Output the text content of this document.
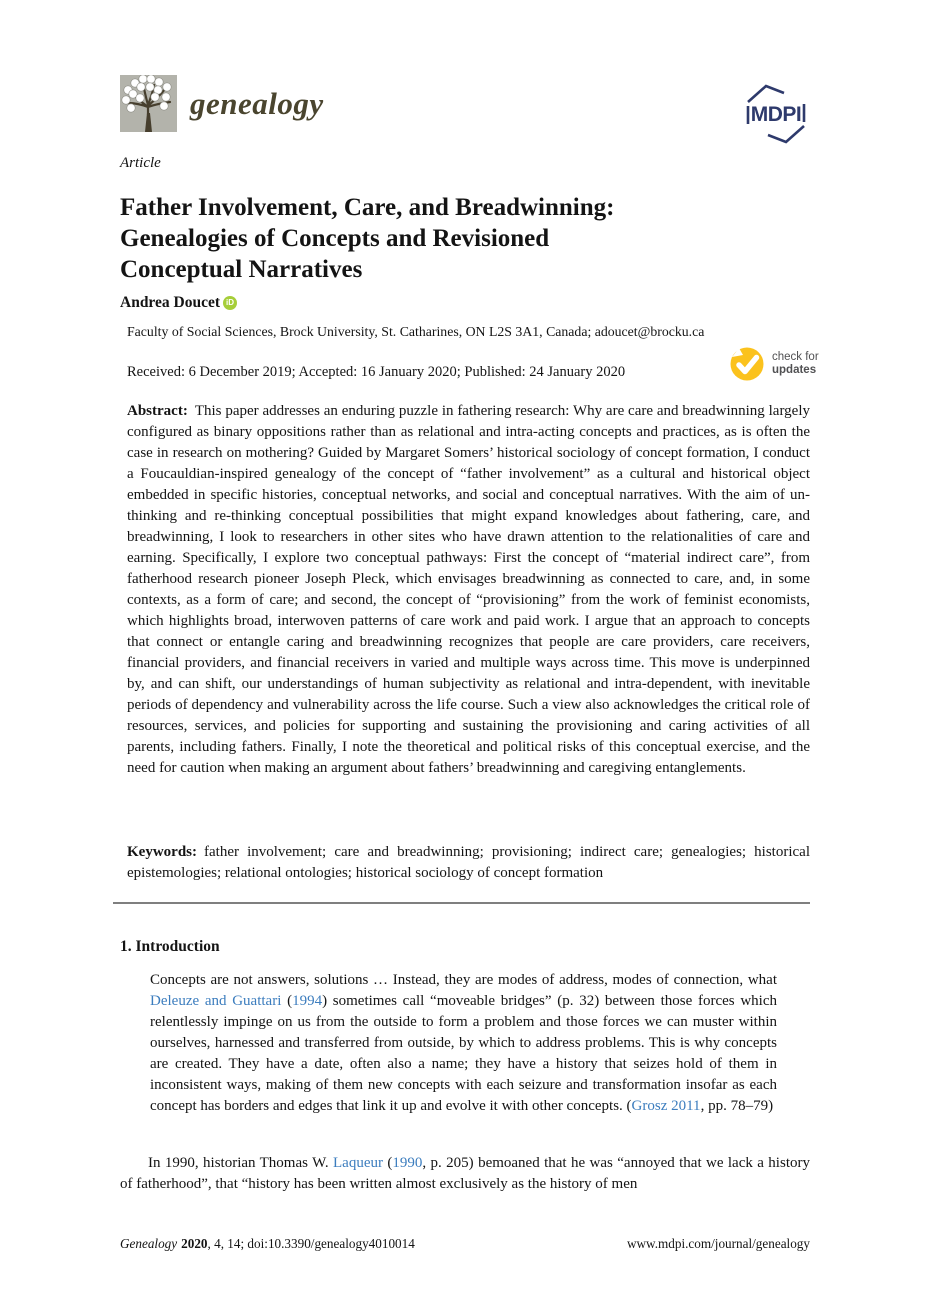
genealogy	MDPI
Article
Father Involvement, Care, and Breadwinning:
Genealogies of Concepts and Revisioned
Conceptual Narratives
Andrea Doucet iD
Faculty of Social Sciences, Brock University, St. Catharines, ON L2S 3A1, Canada; adoucet@brocku.ca
Received: 6 December 2019; Accepted: 16 January 2020; Published: 24 January 2020
check for
updates

Abstract: This paper addresses an enduring puzzle in fathering research: Why are care and breadwinning largely configured as binary oppositions rather than as relational and intra-acting concepts and practices, as is often the case in research on mothering? Guided by Margaret Somers’ historical sociology of concept formation, I conduct a Foucauldian-inspired genealogy of the concept of “father involvement” as a cultural and historical object embedded in specific histories, conceptual networks, and social and conceptual narratives. With the aim of un-thinking and re-thinking conceptual possibilities that might expand knowledges about fathering, care, and breadwinning, I look to researchers in other sites who have drawn attention to the relationalities of care and earning. Specifically, I explore two conceptual pathways: First the concept of “material indirect care”, from fatherhood research pioneer Joseph Pleck, which envisages breadwinning as connected to care, and, in some contexts, as a form of care; and second, the concept of “provisioning” from the work of feminist economists, which highlights broad, interwoven patterns of care work and paid work. I argue that an approach to concepts that connect or entangle caring and breadwinning recognizes that people are care providers, care receivers, financial providers, and financial receivers in varied and multiple ways across time. This move is underpinned by, and can shift, our understandings of human subjectivity as relational and intra-dependent, with inevitable periods of dependency and vulnerability across the life course. Such a view also acknowledges the critical role of resources, services, and policies for supporting and sustaining the provisioning and caring activities of all parents, including fathers. Finally, I note the theoretical and political risks of this conceptual exercise, and the need for caution when making an argument about fathers’ breadwinning and caregiving entanglements.

Keywords: father involvement; care and breadwinning; provisioning; indirect care; genealogies; historical epistemologies; relational ontologies; historical sociology of concept formation

1. Introduction

Concepts are not answers, solutions … Instead, they are modes of address, modes of connection, what Deleuze and Guattari (1994) sometimes call “moveable bridges” (p. 32) between those forces which relentlessly impinge on us from the outside to form a problem and those forces we can muster within ourselves, harnessed and transferred from outside, by which to address problems. This is why concepts are created. They have a date, often also a name; they have a history that seizes hold of them in inconsistent ways, making of them new concepts with each seizure and transformation insofar as each concept has borders and edges that link it up and evolve it with other concepts. (Grosz 2011, pp. 78–79)

In 1990, historian Thomas W. Laqueur (1990, p. 205) bemoaned that he was “annoyed that we lack a history of fatherhood”, that “history has been written almost exclusively as the history of men

Genealogy 2020, 4, 14; doi:10.3390/genealogy4010014	www.mdpi.com/journal/genealogy
